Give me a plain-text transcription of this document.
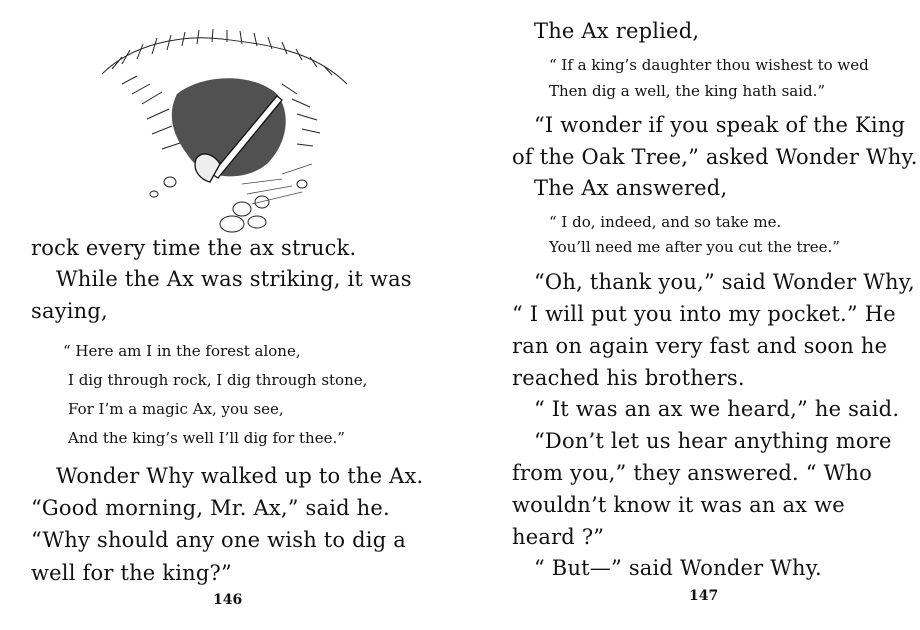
rock every time the ax struck.
While the Ax was striking, it was
saying,
“ Here am I in the forest alone,
I dig through rock, I dig through stone,
For I’m a magic Ax, you see,
And the king’s well I’ll dig for thee.”
Wonder Why walked up to the Ax.
“Good morning, Mr. Ax,” said he.
“Why should any one wish to dig a
well for the king?”
146
The Ax replied,
“ If a king’s daughter thou wishest to wed
Then dig a well, the king hath said.”
“I wonder if you speak of the King
of the Oak Tree,” asked Wonder Why.
The Ax answered,
“ I do, indeed, and so take me.
You’ll need me after you cut the tree.”
“Oh, thank you,” said Wonder Why,
“ I will put you into my pocket.” He
ran on again very fast and soon he
reached his brothers.
“ It was an ax we heard,” he said.
“Don’t let us hear anything more
from you,” they answered. “ Who
wouldn’t know it was an ax we
heard ?”
“ But—” said Wonder Why.
147
